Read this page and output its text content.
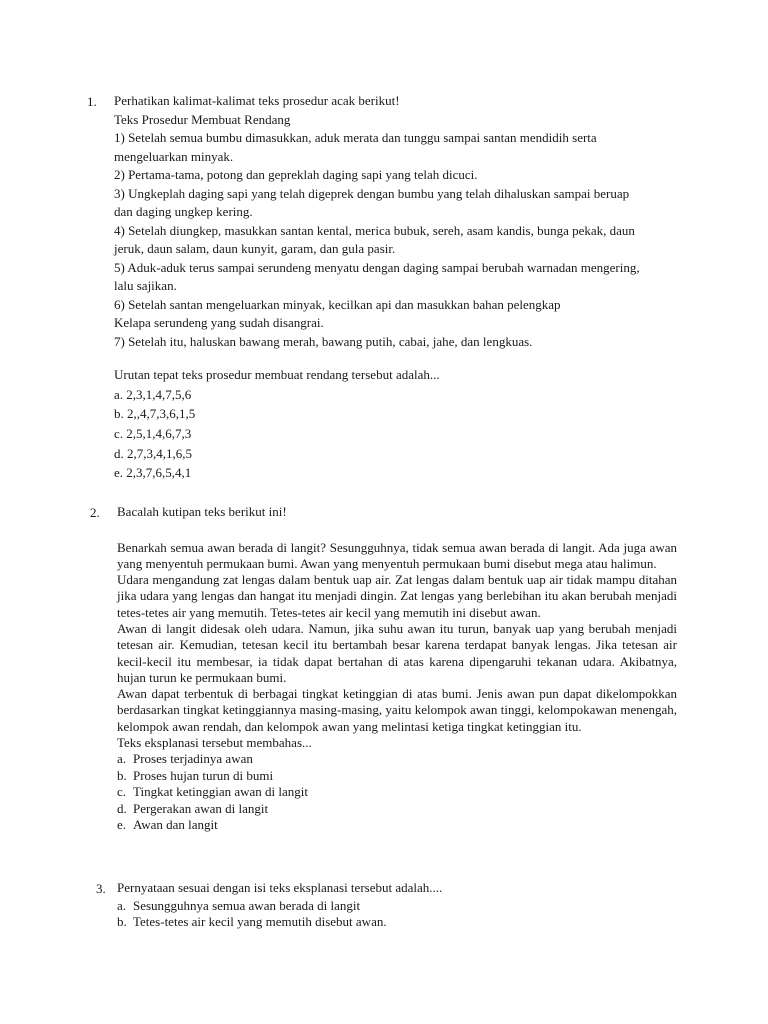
1. Perhatikan kalimat-kalimat teks prosedur acak berikut!

Teks Prosedur Membuat Rendang

1) Setelah semua bumbu dimasukkan, aduk merata dan tunggu sampai santan mendidih serta

mengeluarkan minyak.

2) Pertama-tama, potong dan gepreklah daging sapi yang telah dicuci.

3) Ungkeplah daging sapi yang telah digeprek dengan bumbu yang telah dihaluskan sampai beruap

dan daging ungkep kering.

4) Setelah diungkep, masukkan santan kental, merica bubuk, sereh, asam kandis, bunga pekak, daun

jeruk, daun salam, daun kunyit, garam, dan gula pasir.

5) Aduk-aduk terus sampai serundeng menyatu dengan daging sampai berubah warnadan mengering,

lalu sajikan.

6) Setelah santan mengeluarkan minyak, kecilkan api dan masukkan bahan pelengkap

Kelapa serundeng yang sudah disangrai.

7) Setelah itu, haluskan bawang merah, bawang putih, cabai, jahe, dan lengkuas.

Urutan tepat teks prosedur membuat rendang tersebut adalah...

a. 2,3,1,4,7,5,6
b. 2,,4,7,3,6,1,5
c. 2,5,1,4,6,7,3
d. 2,7,3,4,1,6,5
e. 2,3,7,6,5,4,1
2. Bacalah kutipan teks berikut ini!

Benarkah semua awan berada di langit? Sesungguhnya, tidak semua awan berada di langit. Ada juga awan yang menyentuh permukaan bumi. Awan yang menyentuh permukaan bumi disebut mega atau halimun.

Udara mengandung zat lengas dalam bentuk uap air. Zat lengas dalam bentuk uap air tidak mampu ditahan jika udara yang lengas dan hangat itu menjadi dingin. Zat lengas yang berlebihan itu akan berubah menjadi tetes-tetes air yang memutih. Tetes-tetes air kecil yang memutih ini disebut awan.

Awan di langit didesak oleh udara. Namun, jika suhu awan itu turun, banyak uap yang berubah menjadi tetesan air. Kemudian, tetesan kecil itu bertambah besar karena terdapat banyak lengas. Jika tetesan air kecil-kecil itu membesar, ia tidak dapat bertahan di atas karena dipengaruhi tekanan udara. Akibatnya, hujan turun ke permukaan bumi.

Awan dapat terbentuk di berbagai tingkat ketinggian di atas bumi. Jenis awan pun dapat dikelompokkan berdasarkan tingkat ketinggiannya masing-masing, yaitu kelompok awan tinggi, kelompokawan menengah, kelompok awan rendah, dan kelompok awan yang melintasi ketiga tingkat ketinggian itu.

Teks eksplanasi tersebut membahas...

a. Proses terjadinya awan
b. Proses hujan turun di bumi
c. Tingkat ketinggian awan di langit
d. Pergerakan awan di langit
e. Awan dan langit
3. Pernyataan sesuai dengan isi teks eksplanasi tersebut adalah....

a. Sesungguhnya semua awan berada di langit
b. Tetes-tetes air kecil yang memutih disebut awan.
